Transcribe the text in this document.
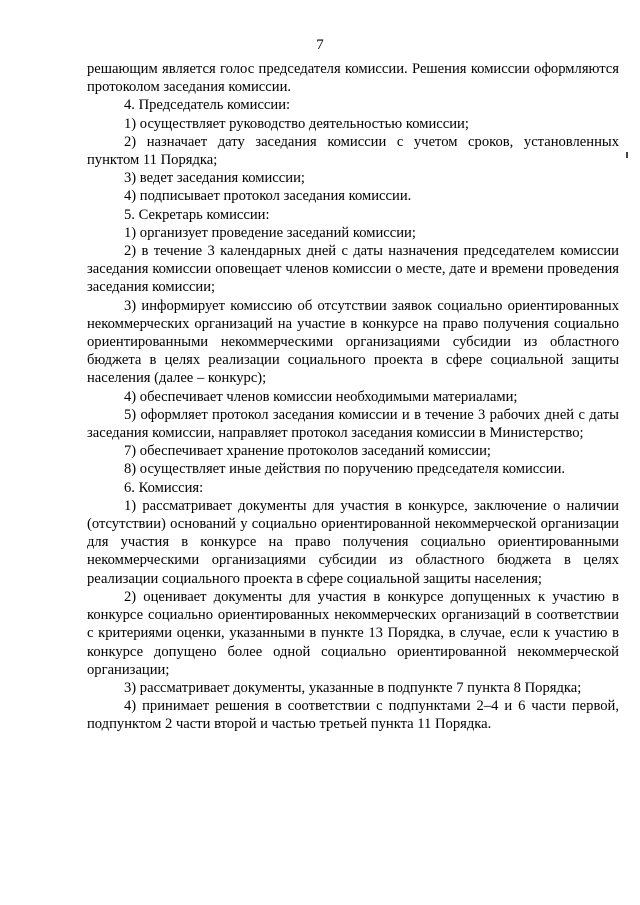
7

решающим является голос председателя комиссии. Решения комиссии оформляются протоколом заседания комиссии.

4. Председатель комиссии:

1) осуществляет руководство деятельностью комиссии;

2) назначает дату заседания комиссии с учетом сроков, установленных пунктом 11 Порядка;

3) ведет заседания комиссии;

4) подписывает протокол заседания комиссии.

5. Секретарь комиссии:

1) организует проведение заседаний комиссии;

2) в течение 3 календарных дней с даты назначения председателем комиссии заседания комиссии оповещает членов комиссии о месте, дате и времени проведения заседания комиссии;

3) информирует комиссию об отсутствии заявок социально ориентированных некоммерческих организаций на участие в конкурсе на право получения социально ориентированными некоммерческими организациями субсидии из областного бюджета в целях реализации социального проекта в сфере социальной защиты населения (далее – конкурс);

4) обеспечивает членов комиссии необходимыми материалами;

5) оформляет протокол заседания комиссии и в течение 3 рабочих дней с даты заседания комиссии, направляет протокол заседания комиссии в Министерство;

7) обеспечивает хранение протоколов заседаний комиссии;

8) осуществляет иные действия по поручению председателя комиссии.

6. Комиссия:

1) рассматривает документы для участия в конкурсе, заключение о наличии (отсутствии) оснований у социально ориентированной некоммерческой организации для участия в конкурсе на право получения социально ориентированными некоммерческими организациями субсидии из областного бюджета в целях реализации социального проекта в сфере социальной защиты населения;

2) оценивает документы для участия в конкурсе допущенных к участию в конкурсе социально ориентированных некоммерческих организаций в соответствии с критериями оценки, указанными в пункте 13 Порядка, в случае, если к участию в конкурсе допущено более одной социально ориентированной некоммерческой организации;

3) рассматривает документы, указанные в подпункте 7 пункта 8 Порядка;

4) принимает решения в соответствии с подпунктами 2–4 и 6 части первой, подпунктом 2 части второй и частью третьей пункта 11 Порядка.
